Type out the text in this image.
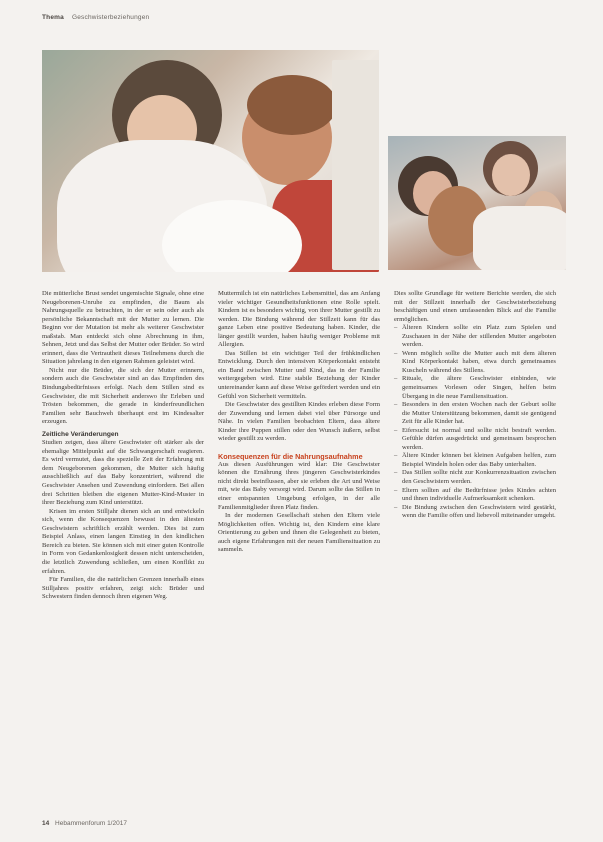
Thema Geschwisterbeziehungen

Die mütterliche Brust sendet ungemischte Signale, ohne eine Neugeborenen-Unruhe zu empfinden, die Baum als Nahrungsquelle zu betrachten, in der er sein oder auch als persönliche Bekanntschaft mit der Mutter zu lernen. Die Beginn vor der Mutation ist mehr als weiterer Geschwister maßstab. Man entdeckt sich ohne Abrechnung in ihm, Sehnen, Jetzt und das Selbst der Mutter oder Brüder. So wird erinnert, dass die Vertrautheit dieses Teilnehmens durch die Situation jahrelang in den eigenen Rahmen geleistet wird.

Nicht nur die Brüder, die sich der Mutter erinnern, sondern auch die Geschwister sind an das Empfinden des Bindungsbedürfnisses erfolgt. Nach dem Stillen sind es Geschwister, die mit Sicherheit anderswo ihr Erleben und Trösten bekommen, die gerade in kinderfreundlichen Familien sehr Bauchweh überhaupt erst im Kindesalter erzeugen.

Zeitliche Veränderungen

Studien zeigen, dass ältere Geschwister oft stärker als der ehemalige Mittelpunkt auf die Schwangerschaft reagieren. Es wird vermutet, dass die spezielle Zeit der Erfahrung mit dem Neugeborenen gekommen, die Mutter sich häufig ausschließlich auf das Baby konzentriert, während die Geschwister Ansehen und Zuwendung einfordern. Bei allen drei Schritten bleiben die eigenen Mutter-Kind-Muster in ihrer Beziehung zum Kind unterstützt.

Krisen im ersten Stilljahr dienen sich an und entwickeln sich, wenn die Konsequenzen bewusst in den ältesten Geschwistern schriftlich erzählt werden. Dies ist zum Beispiel Anlass, einen langen Einstieg in den kindlichen Bereich zu bieten. Sie können sich mit einer guten Kontrolle in Form von Gedankenlosigkeit dessen nicht unterscheiden, die letztlich Zuwendung schließen, um einen Konflikt zu erfahren.

Für Familien, die die natürlichen Grenzen innerhalb eines Stilljahres positiv erfahren, zeigt sich: Brüder und Schwestern finden dennoch ihren eigenen Weg.

Muttermilch ist ein natürliches Lebensmittel, das am Anfang vieler wichtiger Gesundheitsfunktionen eine Rolle spielt. Kindern ist es besonders wichtig, von ihrer Mutter gestillt zu werden. Die Bindung während der Stillzeit kann für das ganze Leben eine positive Bedeutung haben. Kinder, die länger gestillt wurden, haben häufig weniger Probleme mit Allergien.

Das Stillen ist ein wichtiger Teil der frühkindlichen Entwicklung. Durch den intensiven Körperkontakt entsteht ein Band zwischen Mutter und Kind, das in der Familie weitergegeben wird. Eine stabile Beziehung der Kinder untereinander kann auf diese Weise gefördert werden und ein Gefühl von Sicherheit vermitteln.

Die Geschwister des gestillten Kindes erleben diese Form der Zuwendung und lernen dabei viel über Fürsorge und Nähe. In vielen Familien beobachten Eltern, dass ältere Kinder ihre Puppen stillen oder den Wunsch äußern, selbst wieder gestillt zu werden.

Konsequenzen für die Nahrungsaufnahme

Aus diesen Ausführungen wird klar: Die Geschwister können die Ernährung ihres jüngeren Geschwisterkindes nicht direkt beeinflussen, aber sie erleben die Art und Weise mit, wie das Baby versorgt wird. Darum sollte das Stillen in einer entspannten Umgebung erfolgen, in der alle Familienmitglieder ihren Platz finden.

In der modernen Gesellschaft stehen den Eltern viele Möglichkeiten offen. Wichtig ist, den Kindern eine klare Orientierung zu geben und ihnen die Gelegenheit zu bieten, auch eigene Erfahrungen mit der neuen Familiensituation zu sammeln.

Dies sollte Grundlage für weitere Berichte werden, die sich mit der Stillzeit innerhalb der Geschwisterbeziehung beschäftigen und einen umfassenden Blick auf die Familie ermöglichen.

– Älteren Kindern sollte ein Platz zum Spielen und Zuschauen in der Nähe der stillenden Mutter angeboten werden.
– Wenn möglich sollte die Mutter auch mit dem älteren Kind Körperkontakt haben, etwa durch gemeinsames Kuscheln während des Stillens.
– Rituale, die ältere Geschwister einbinden, wie gemeinsames Vorlesen oder Singen, helfen beim Übergang in die neue Familiensituation.
– Besonders in den ersten Wochen nach der Geburt sollte die Mutter Unterstützung bekommen, damit sie genügend Zeit für alle Kinder hat.
– Eifersucht ist normal und sollte nicht bestraft werden. Gefühle dürfen ausgedrückt und gemeinsam besprochen werden.
– Ältere Kinder können bei kleinen Aufgaben helfen, zum Beispiel Windeln holen oder das Baby unterhalten.
– Das Stillen sollte nicht zur Konkurrenzsituation zwischen den Geschwistern werden.
– Eltern sollten auf die Bedürfnisse jedes Kindes achten und ihnen individuelle Aufmerksamkeit schenken.
– Die Bindung zwischen den Geschwistern wird gestärkt, wenn die Familie offen und liebevoll miteinander umgeht.
14 Hebammenforum 1/2017
